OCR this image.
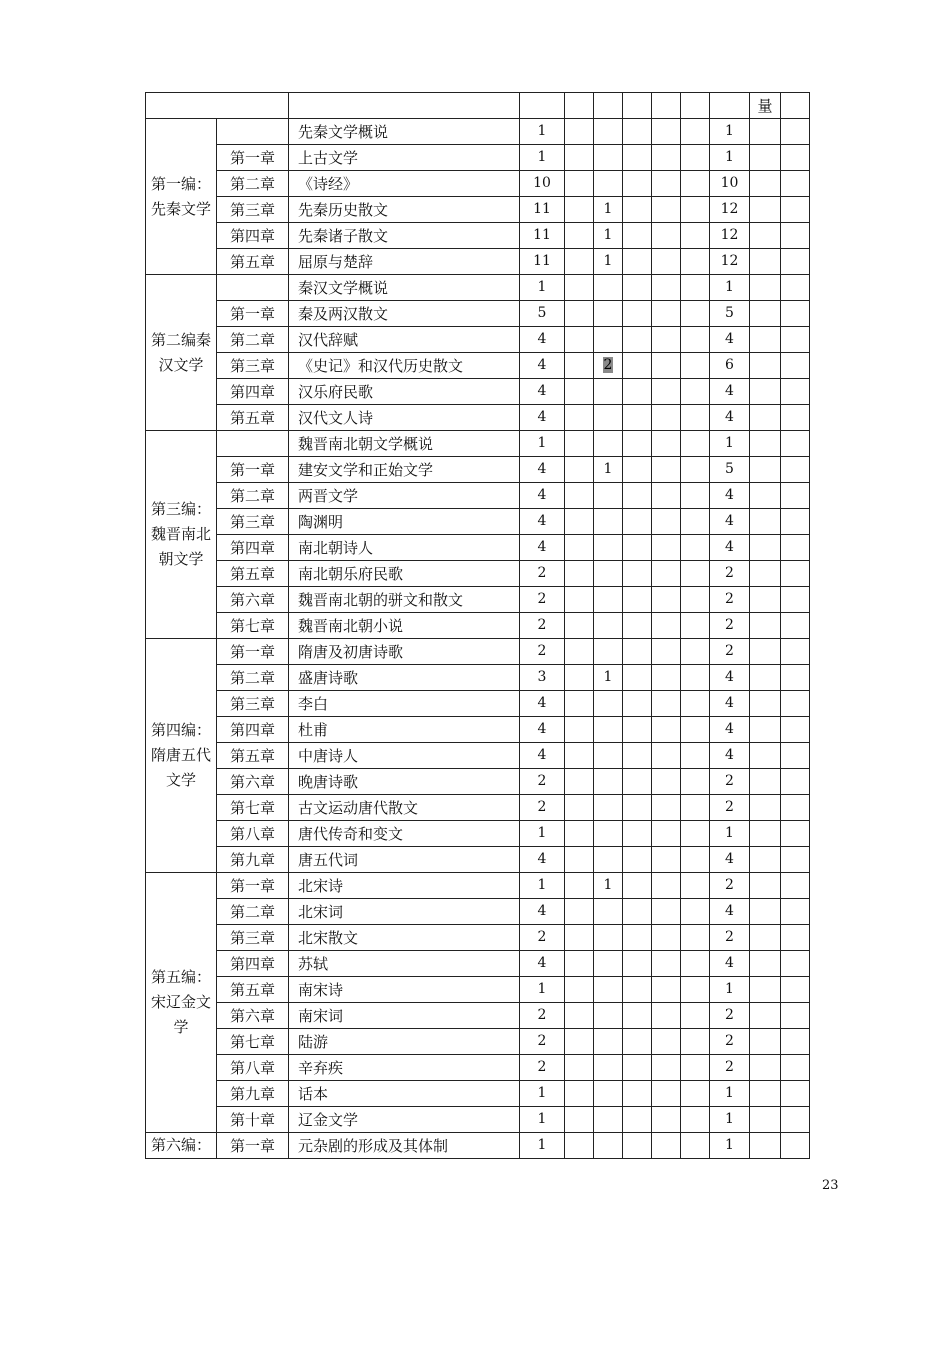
										量	
第一编：先秦文学		先秦文学概说	1						1		
	第一章	上古文学	1						1		
	第二章	《诗经》	10						10		
	第三章	先秦历史散文	11		1				12		
	第四章	先秦诸子散文	11		1				12		
	第五章	屈原与楚辞	11		1				12		
第二编秦汉文学		秦汉文学概说	1						1		
	第一章	秦及两汉散文	5						5		
	第二章	汉代辞赋	4						4		
	第三章	《史记》和汉代历史散文	4		2				6		
	第四章	汉乐府民歌	4						4		
	第五章	汉代文人诗	4						4		
第三编：魏晋南北朝文学		魏晋南北朝文学概说	1						1		
	第一章	建安文学和正始文学	4		1				5		
	第二章	两晋文学	4						4		
	第三章	陶渊明	4						4		
	第四章	南北朝诗人	4						4		
	第五章	南北朝乐府民歌	2						2		
	第六章	魏晋南北朝的骈文和散文	2						2		
	第七章	魏晋南北朝小说	2						2		
第四编：隋唐五代文学	第一章	隋唐及初唐诗歌	2						2		
	第二章	盛唐诗歌	3		1				4		
	第三章	李白	4						4		
	第四章	杜甫	4						4		
	第五章	中唐诗人	4						4		
	第六章	晚唐诗歌	2						2		
	第七章	古文运动唐代散文	2						2		
	第八章	唐代传奇和变文	1						1		
	第九章	唐五代词	4						4		
第五编：宋辽金文学	第一章	北宋诗	1		1				2		
	第二章	北宋词	4						4		
	第三章	北宋散文	2						2		
	第四章	苏轼	4						4		
	第五章	南宋诗	1						1		
	第六章	南宋词	2						2		
	第七章	陆游	2						2		
	第八章	辛弃疾	2						2		
	第九章	话本	1						1		
	第十章	辽金文学	1						1		
第六编：	第一章	元杂剧的形成及其体制	1						1		
23
